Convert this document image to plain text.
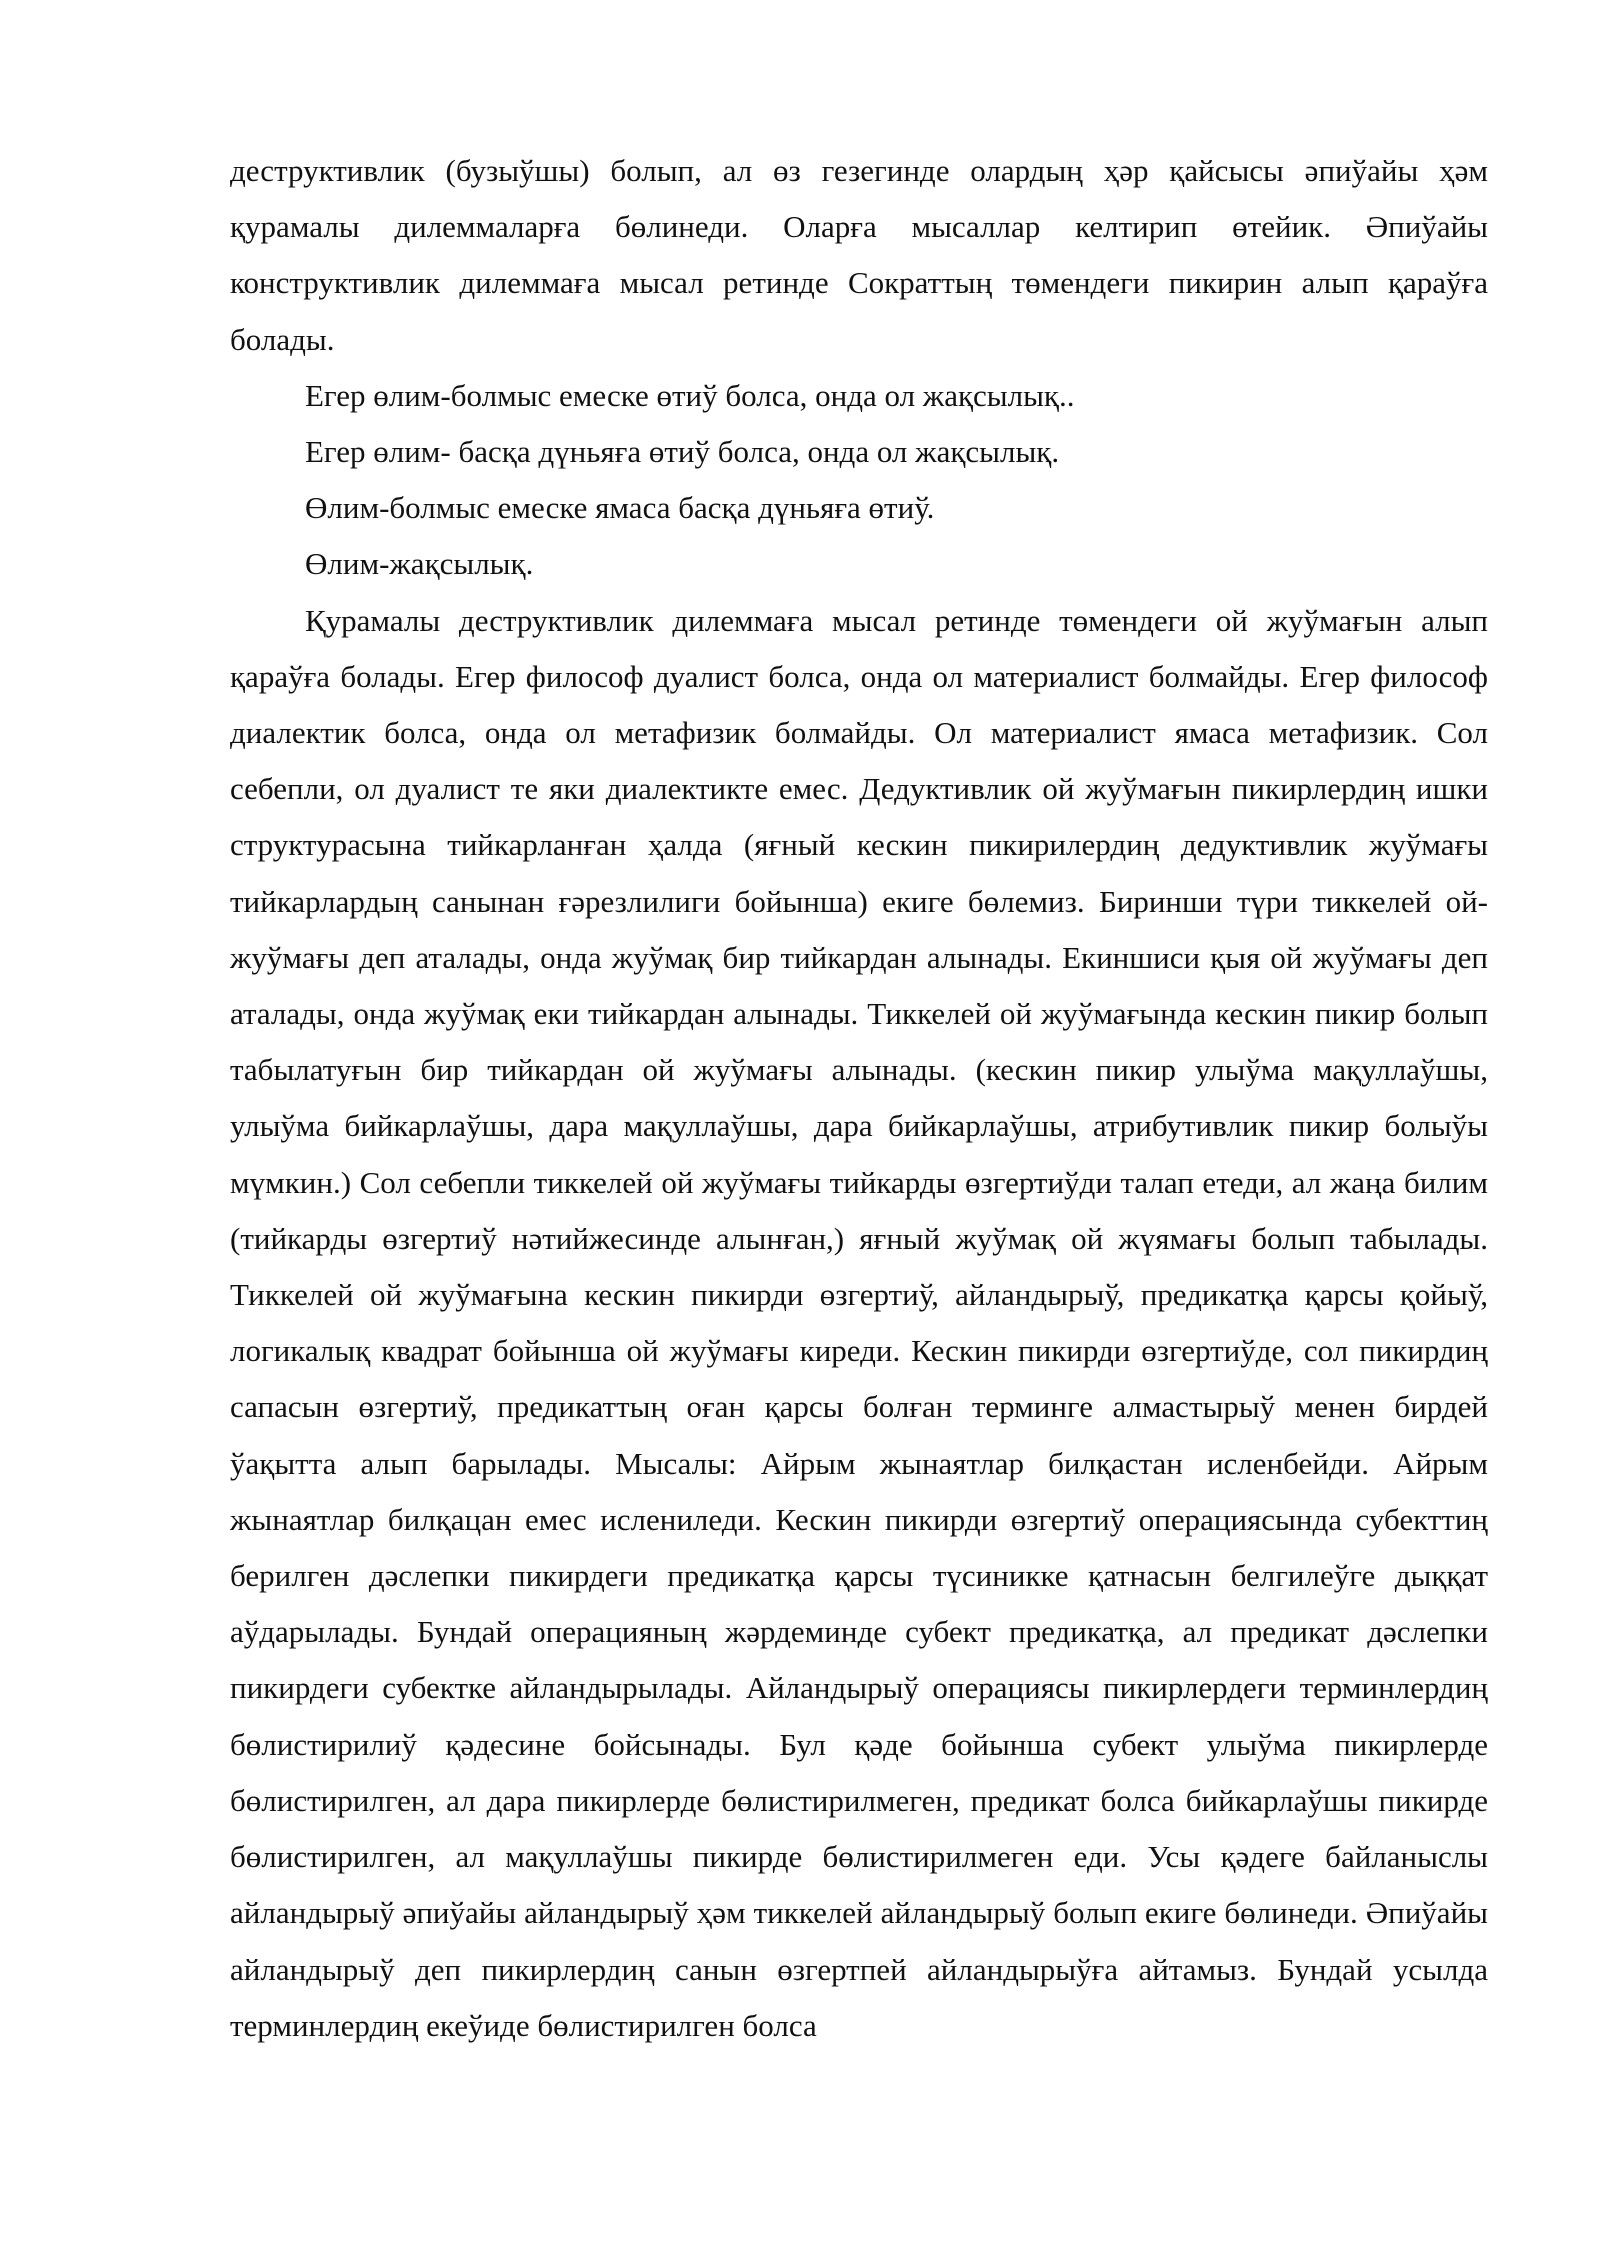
деструктивлик (бузыўшы) болып, ал өз гезегинде олардың ҳәр қайсысы әпиўайы ҳәм қурамалы дилеммаларға бөлинеди. Оларға мысаллар келтирип өтейик. Әпиўайы конструктивлик дилеммаға мысал ретинде Сократтың төмендеги пикирин алып қараўға болады.

Егер өлим-болмыс емеске өтиў болса, онда ол жақсылық..

Егер өлим- басқа дүньяға өтиў болса, онда ол жақсылық.

Өлим-болмыс емеске ямаса басқа дүньяға өтиў.

Өлим-жақсылық.

Қурамалы деструктивлик дилеммаға мысал ретинде төмендеги ой жуўмағын алып қараўға болады. Егер философ дуалист болса, онда ол материалист болмайды. Егер философ диалектик болса, онда ол метафизик болмайды. Ол материалист ямаса метафизик. Сол себепли, ол дуалист те яки диалектикте емес. Дедуктивлик ой жуўмағын пикирлердиң ишки структурасына тийкарланған ҳалда (яғный кескин пикирилердиң дедуктивлик жуўмағы тийкарлардың санынан ғәрезлилиги бойынша) екиге бөлемиз. Биринши түри тиккелей ой-жуўмағы деп аталады, онда жуўмақ бир тийкардан алынады. Екиншиси қыя ой жуўмағы деп аталады, онда жуўмақ еки тийкардан алынады. Тиккелей ой жуўмағында кескин пикир болып табылатуғын бир тийкардан ой жуўмағы алынады. (кескин пикир улыўма мақуллаўшы, улыўма бийкарлаўшы, дара мақуллаўшы, дара бийкарлаўшы, атрибутивлик пикир болыўы мүмкин.) Сол себепли тиккелей ой жуўмағы тийкарды өзгертиўди талап етеди, ал жаңа билим (тийкарды өзгертиў нәтийжесинде алынған,) яғный жуўмақ ой жүямағы болып табылады. Тиккелей ой жуўмағына кескин пикирди өзгертиў, айландырыў, предикатқа қарсы қойыў, логикалық квадрат бойынша ой жуўмағы киреди. Кескин пикирди өзгертиўде, сол пикирдиң сапасын өзгертиў, предикаттың оған қарсы болған терминге алмастырыў менен бирдей ўақытта алып барылады. Мысалы: Айрым жынаятлар билқастан исленбейди. Айрым жынаятлар билқацан емес ислениледи. Кескин пикирди өзгертиў операциясында субекттиң берилген дәслепки пикирдеги предикатқа қарсы түсиникке қатнасын белгилеўге дыққат аўдарылады. Бундай операцияның жәрдеминде субект предикатқа, ал предикат дәслепки пикирдеги субектке айландырылады. Айландырыў операциясы пикирлердеги терминлердиң бөлистирилиў қәдесине бойсынады. Бул қәде бойынша субект улыўма пикирлерде бөлистирилген, ал дара пикирлерде бөлистирилмеген, предикат болса бийкарлаўшы пикирде бөлистирилген, ал мақуллаўшы пикирде бөлистирилмеген еди. Усы қәдеге байланыслы айландырыў әпиўайы айландырыў ҳәм тиккелей айландырыў болып екиге бөлинеди. Әпиўайы айландырыў деп пикирлердиң санын өзгертпей айландырыўға айтамыз. Бундай усылда терминлердиң екеўиде бөлистирилген болса
